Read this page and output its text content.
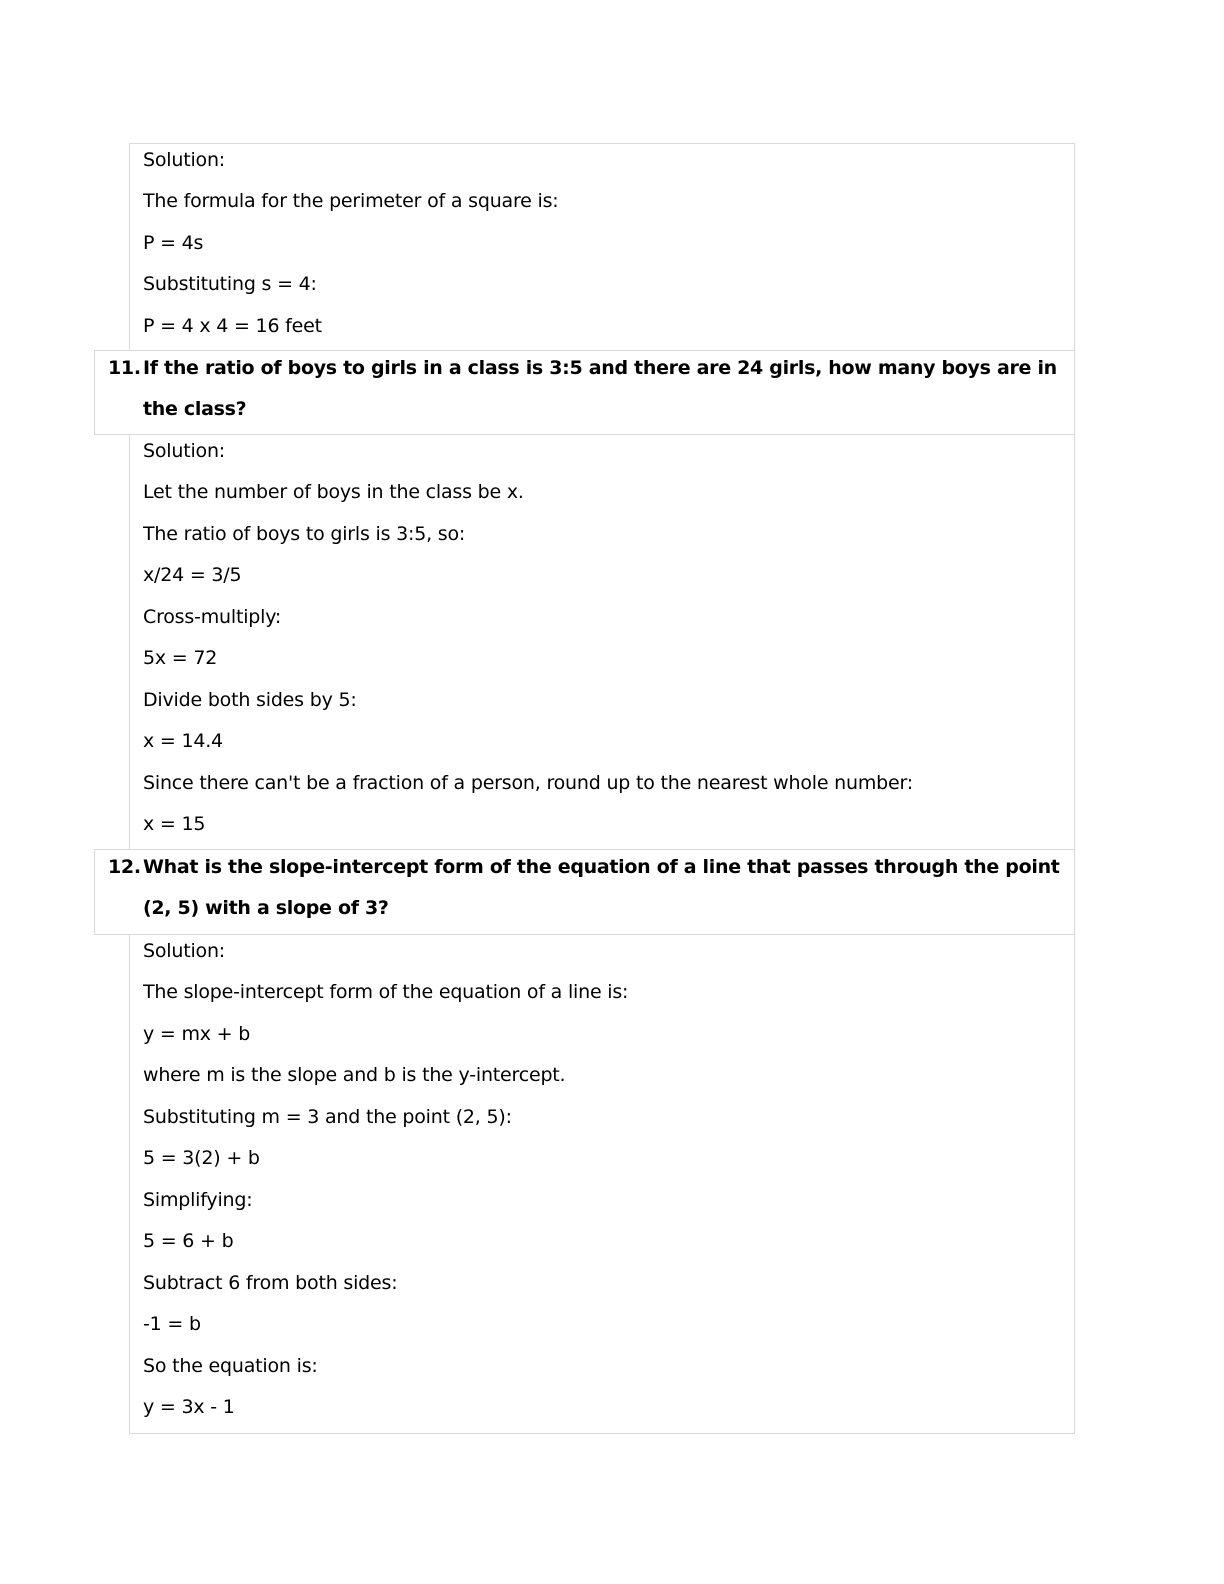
Solution:
The formula for the perimeter of a square is:
P = 4s
Substituting s = 4:
P = 4 x 4 = 16 feet
11. If the ratio of boys to girls in a class is 3:5 and there are 24 girls, how many boys are in the class?
Solution:
Let the number of boys in the class be x.
The ratio of boys to girls is 3:5, so:
x/24 = 3/5
Cross-multiply:
5x = 72
Divide both sides by 5:
x = 14.4
Since there can't be a fraction of a person, round up to the nearest whole number:
x = 15
12. What is the slope-intercept form of the equation of a line that passes through the point (2, 5) with a slope of 3?
Solution:
The slope-intercept form of the equation of a line is:
y = mx + b
where m is the slope and b is the y-intercept.
Substituting m = 3 and the point (2, 5):
5 = 3(2) + b
Simplifying:
5 = 6 + b
Subtract 6 from both sides:
-1 = b
So the equation is:
y = 3x - 1
